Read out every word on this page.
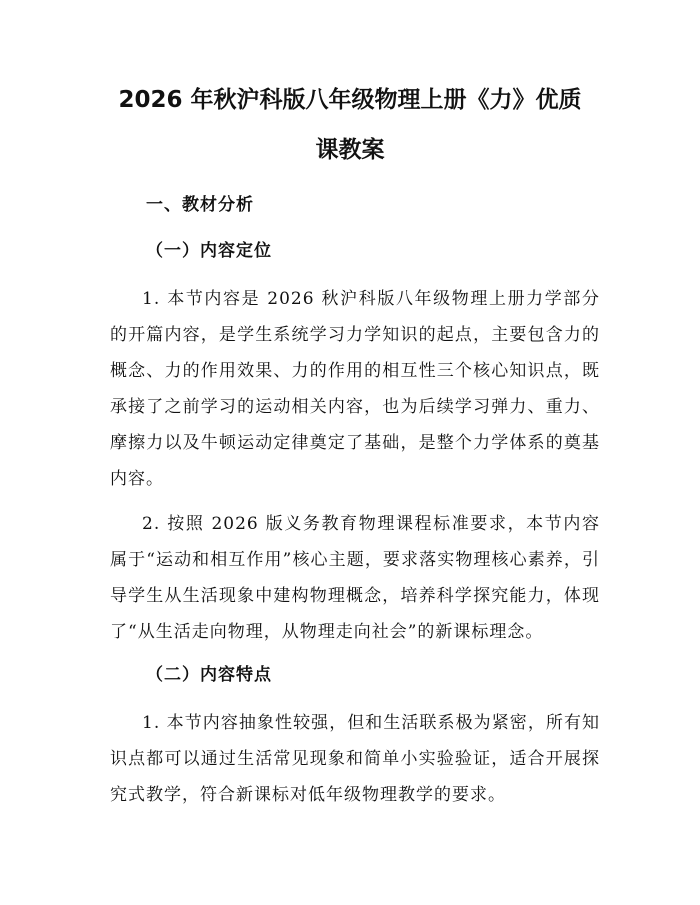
2026 年秋沪科版八年级物理上册《力》优质
课教案
一、教材分析
（一）内容定位

1. 本节内容是 2026 秋沪科版八年级物理上册力学部分的开篇内容，是学生系统学习力学知识的起点，主要包含力的概念、力的作用效果、力的作用的相互性三个核心知识点，既承接了之前学习的运动相关内容，也为后续学习弹力、重力、摩擦力以及牛顿运动定律奠定了基础，是整个力学体系的奠基内容。

2. 按照 2026 版义务教育物理课程标准要求，本节内容属于“运动和相互作用”核心主题，要求落实物理核心素养，引导学生从生活现象中建构物理概念，培养科学探究能力，体现了“从生活走向物理，从物理走向社会”的新课标理念。

（二）内容特点

1. 本节内容抽象性较强，但和生活联系极为紧密，所有知识点都可以通过生活常见现象和简单小实验验证，适合开展探究式教学，符合新课标对低年级物理教学的要求。
